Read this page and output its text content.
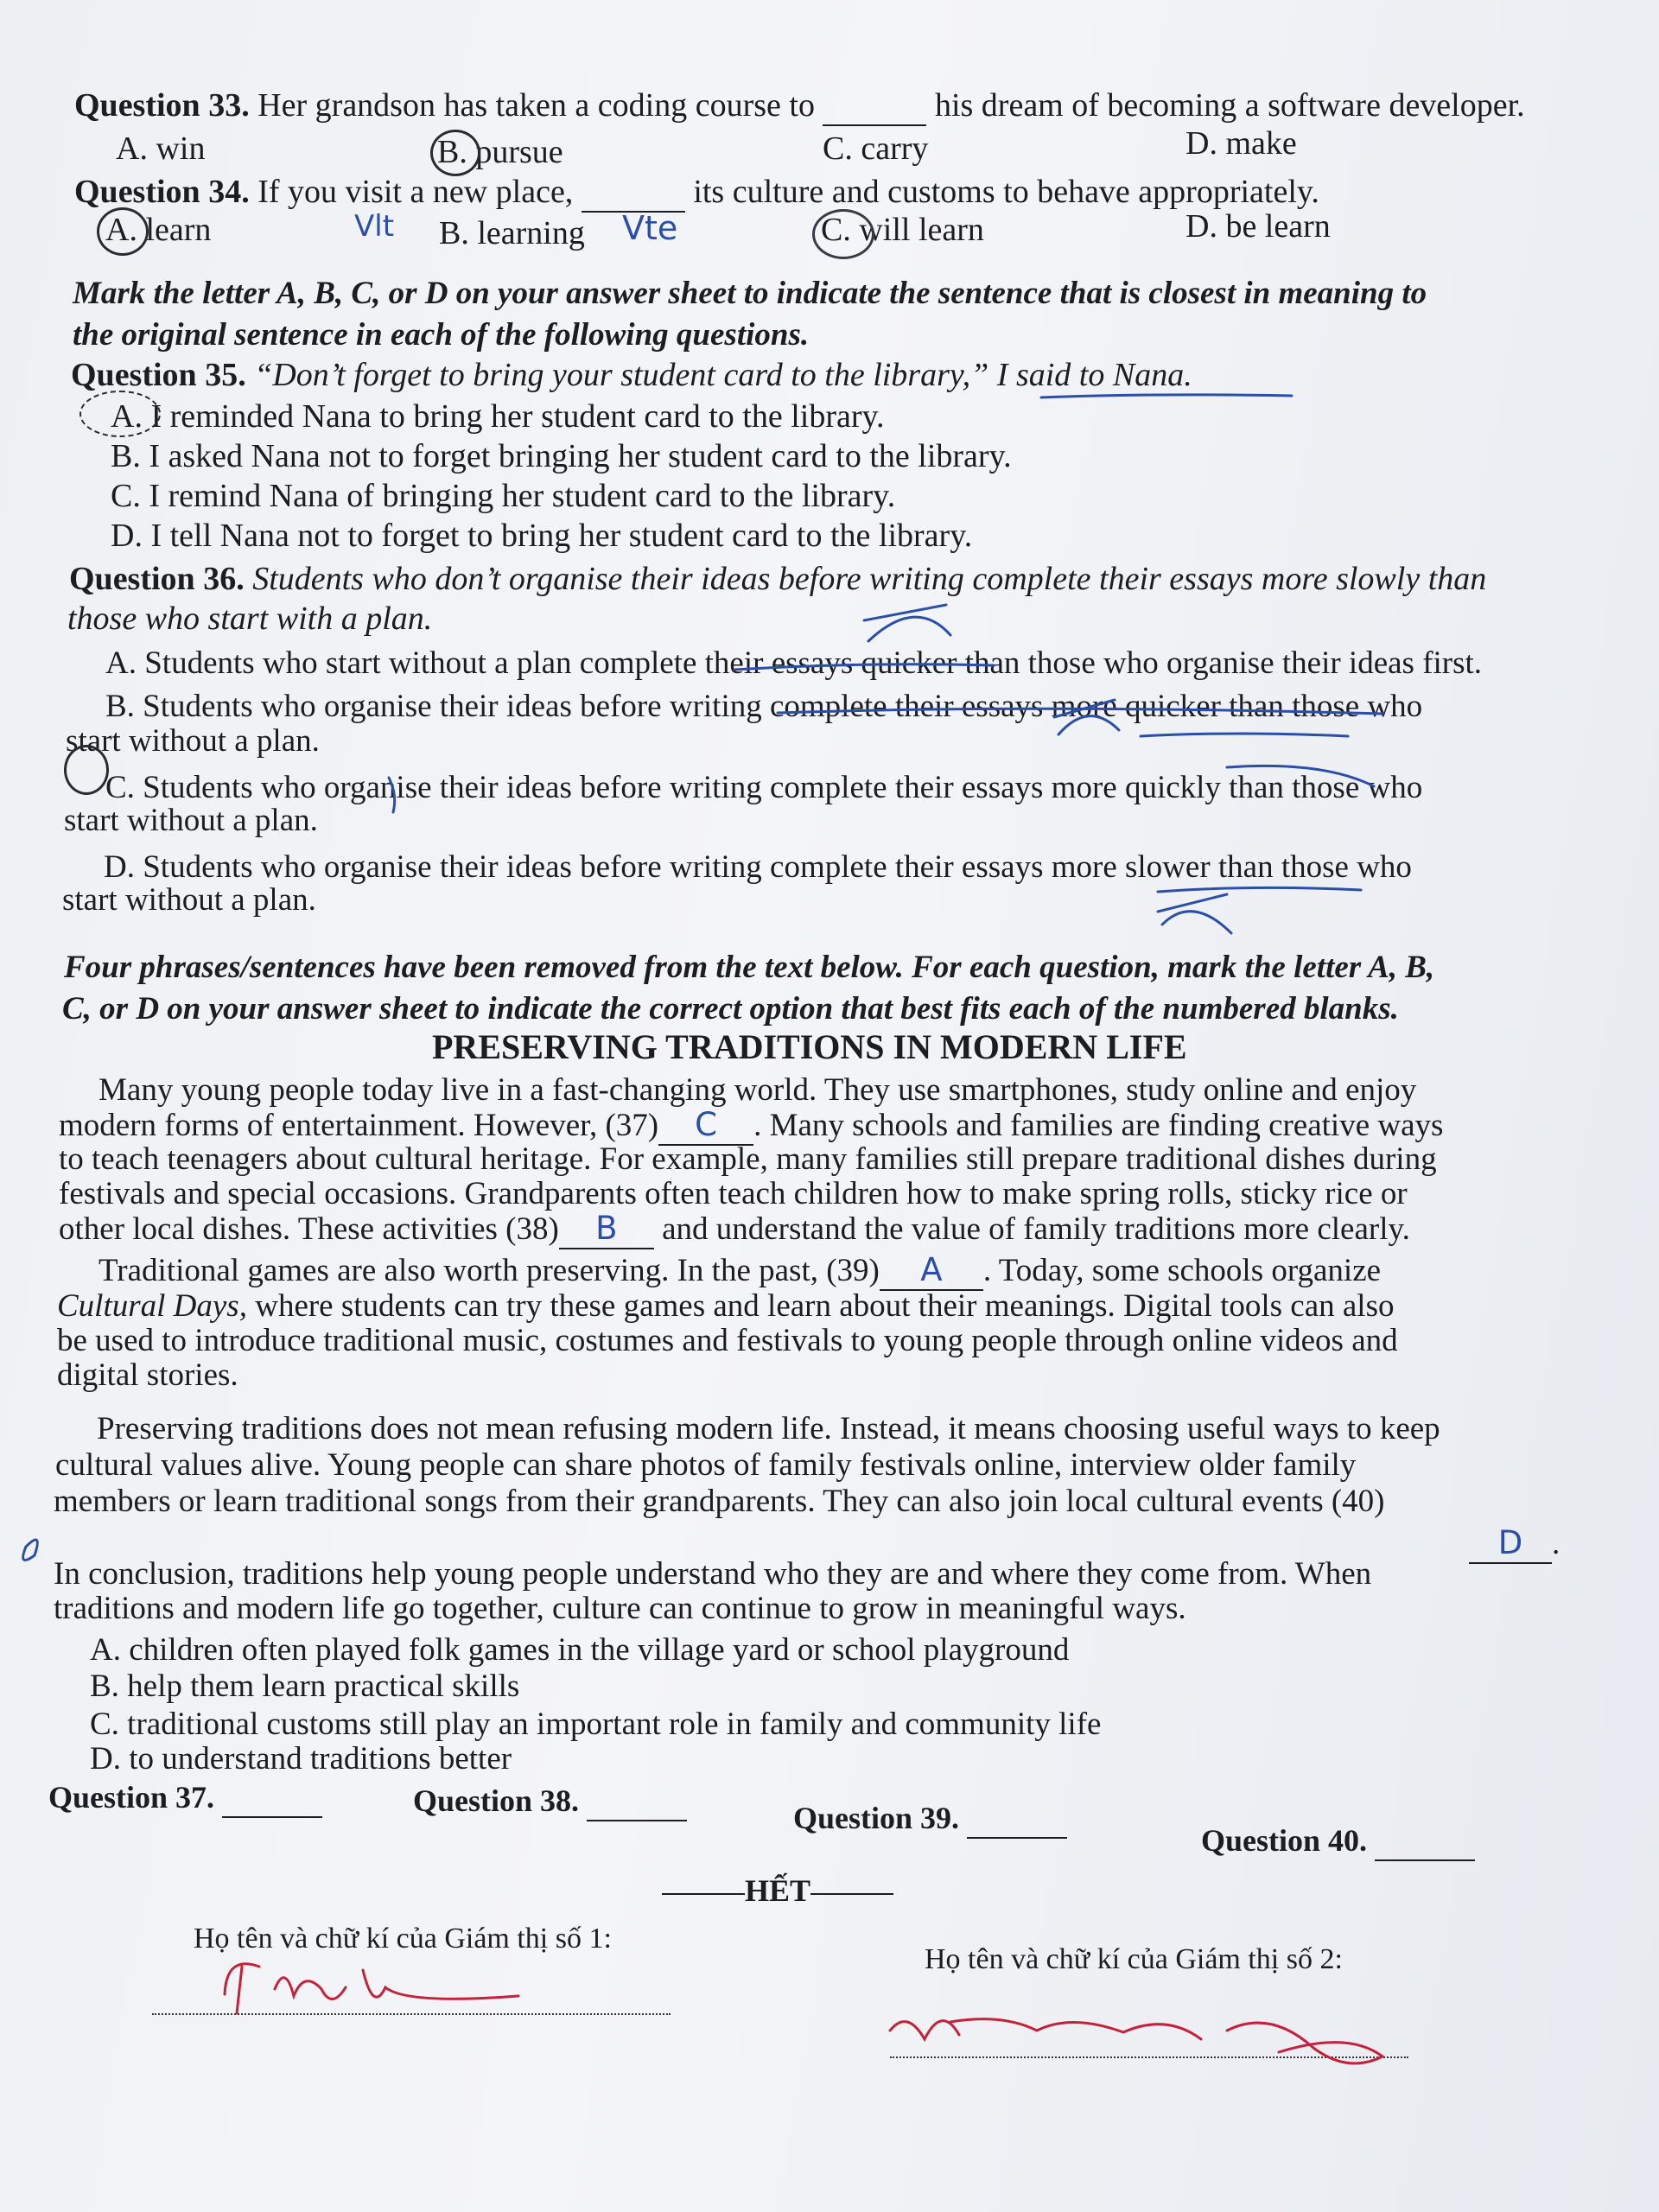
Question 33. Her grandson has taken a coding course to	his dream of becoming a software developer.
A. win	B. pursue	C. carry	D. make
Question 34. If you visit a new place,	its culture and customs to behave appropriately.
A. learn	Vlt B. learning Vte	C. will learn	D. be learn
Mark the letter A, B, C, or D on your answer sheet to indicate the sentence that is closest in meaning to
the original sentence in each of the following questions.
Question 35. “Don’t forget to bring your student card to the library,” I said to Nana.
A. I reminded Nana to bring her student card to the library.
B. I asked Nana not to forget bringing her student card to the library.
C. I remind Nana of bringing her student card to the library.
D. I tell Nana not to forget to bring her student card to the library.
Question 36. Students who don’t organise their ideas before writing complete their essays more slowly than
those who start with a plan.
A. Students who start without a plan complete their essays quicker than those who organise their ideas first.
B. Students who organise their ideas before writing complete their essays more quicker than those who
start without a plan.
C. Students who organise their ideas before writing complete their essays more quickly than those who
start without a plan.
D. Students who organise their ideas before writing complete their essays more slower than those who
start without a plan.
Four phrases/sentences have been removed from the text below. For each question, mark the letter A, B,
C, or D on your answer sheet to indicate the correct option that best fits each of the numbered blanks.
PRESERVING TRADITIONS IN MODERN LIFE
Many young people today live in a fast-changing world. They use smartphones, study online and enjoy
modern forms of entertainment. However, (37) C . Many schools and families are finding creative ways
to teach teenagers about cultural heritage. For example, many families still prepare traditional dishes during
festivals and special occasions. Grandparents often teach children how to make spring rolls, sticky rice or
other local dishes. These activities (38) B and understand the value of family traditions more clearly.
Traditional games are also worth preserving. In the past, (39) A . Today, some schools organize
Cultural Days, where students can try these games and learn about their meanings. Digital tools can also
be used to introduce traditional music, costumes and festivals to young people through online videos and
digital stories.
Preserving traditions does not mean refusing modern life. Instead, it means choosing useful ways to keep
cultural values alive. Young people can share photos of family festivals online, interview older family
members or learn traditional songs from their grandparents. They can also join local cultural events (40)
D .
In conclusion, traditions help young people understand who they are and where they come from. When
traditions and modern life go together, culture can continue to grow in meaningful ways.
A. children often played folk games in the village yard or school playground
B. help them learn practical skills
C. traditional customs still play an important role in family and community life
D. to understand traditions better
Question 37.	Question 38.	Question 39.
Question 40.
HẾT
Họ tên và chữ kí của Giám thị số 1:
Họ tên và chữ kí của Giám thị số 2:
